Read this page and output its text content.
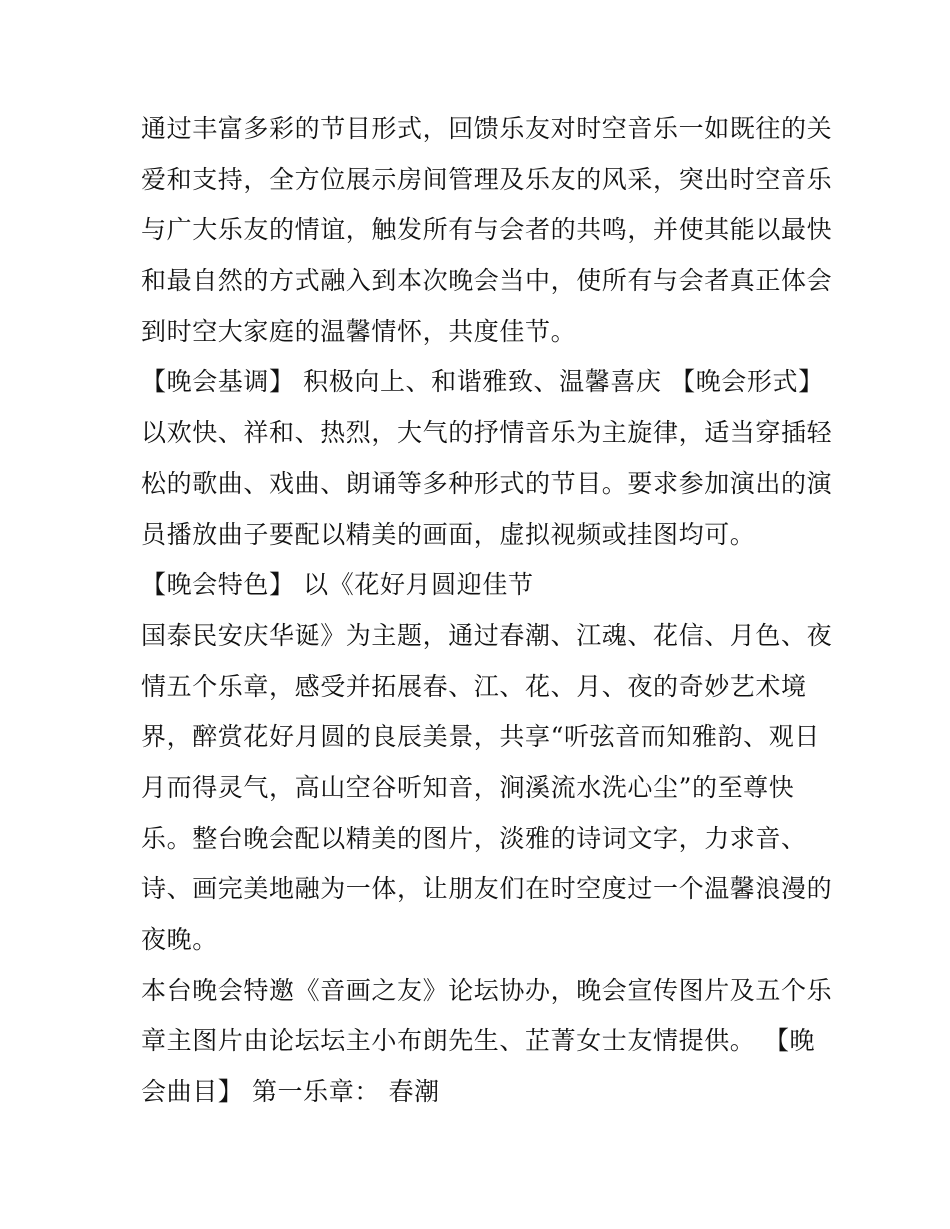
通过丰富多彩的节目形式，回馈乐友对时空音乐一如既往的关
爱和支持，全方位展示房间管理及乐友的风采，突出时空音乐
与广大乐友的情谊，触发所有与会者的共鸣，并使其能以最快
和最自然的方式融入到本次晚会当中，使所有与会者真正体会
到时空大家庭的温馨情怀，共度佳节。
【晚会基调】 积极向上、和谐雅致、温馨喜庆 【晚会形式】
以欢快、祥和、热烈，大气的抒情音乐为主旋律，适当穿插轻
松的歌曲、戏曲、朗诵等多种形式的节目。要求参加演出的演
员播放曲子要配以精美的画面，虚拟视频或挂图均可。
【晚会特色】 以《花好月圆迎佳节
国泰民安庆华诞》为主题，通过春潮、江魂、花信、月色、夜
情五个乐章，感受并拓展春、江、花、月、夜的奇妙艺术境
界，醉赏花好月圆的良辰美景，共享“听弦音而知雅韵、观日
月而得灵气，高山空谷听知音，涧溪流水洗心尘”的至尊快
乐。整台晚会配以精美的图片，淡雅的诗词文字，力求音、
诗、画完美地融为一体，让朋友们在时空度过一个温馨浪漫的
夜晚。
本台晚会特邀《音画之友》论坛协办，晚会宣传图片及五个乐
章主图片由论坛坛主小布朗先生、芷菁女士友情提供。 【晚
会曲目】 第一乐章： 春潮
